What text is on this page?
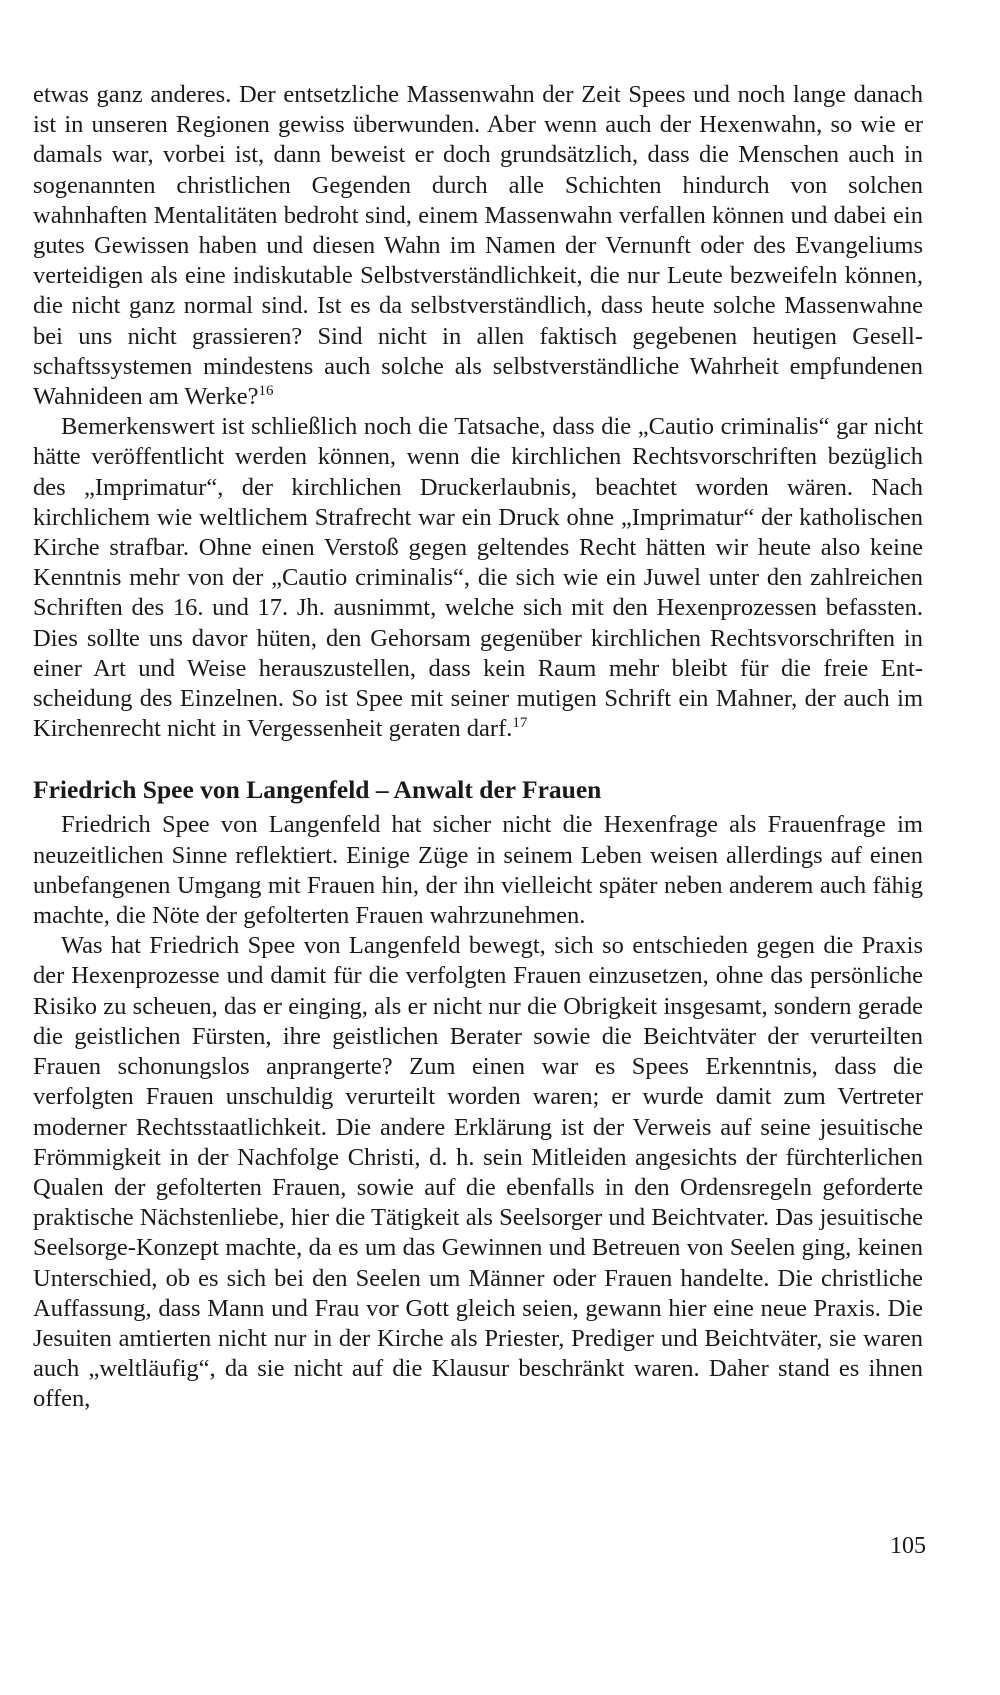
etwas ganz anderes. Der entsetzliche Massenwahn der Zeit Spees und noch lange danach ist in unseren Regionen gewiss überwunden. Aber wenn auch der Hexenwahn, so wie er damals war, vorbei ist, dann beweist er doch grundsätzlich, dass die Menschen auch in sogenannten christlichen Gegenden durch alle Schichten hindurch von solchen wahnhaften Mentalitäten bedroht sind, einem Massenwahn verfallen können und dabei ein gutes Gewissen haben und diesen Wahn im Namen der Vernunft oder des Evangeliums verteidigen als eine indiskutable Selbstverständlichkeit, die nur Leute bezweifeln können, die nicht ganz normal sind. Ist es da selbstverständlich, dass heute solche Massenwahne bei uns nicht grassieren? Sind nicht in allen faktisch gegebenen heutigen Gesellschaftssystemen mindestens auch solche als selbstverständliche Wahrheit empfundenen Wahnideen am Werke?$^{16}$

Bemerkenswert ist schließlich noch die Tatsache, dass die „Cautio criminalis“ gar nicht hätte veröffentlicht werden können, wenn die kirchlichen Rechtsvorschriften bezüglich des „Imprimatur“, der kirchlichen Druckerlaubnis, beachtet worden wären. Nach kirchlichem wie weltlichem Strafrecht war ein Druck ohne „Imprimatur“ der katholischen Kirche strafbar. Ohne einen Verstoß gegen geltendes Recht hätten wir heute also keine Kenntnis mehr von der „Cautio criminalis“, die sich wie ein Juwel unter den zahlreichen Schriften des 16. und 17. Jh. ausnimmt, welche sich mit den Hexenprozessen befassten. Dies sollte uns davor hüten, den Gehorsam gegenüber kirchlichen Rechtsvorschriften in einer Art und Weise herauszustellen, dass kein Raum mehr bleibt für die freie Entscheidung des Einzelnen. So ist Spee mit seiner mutigen Schrift ein Mahner, der auch im Kirchenrecht nicht in Vergessenheit geraten darf.$^{17}$

Friedrich Spee von Langenfeld – Anwalt der Frauen

Friedrich Spee von Langenfeld hat sicher nicht die Hexenfrage als Frauenfrage im neuzeitlichen Sinne reflektiert. Einige Züge in seinem Leben weisen allerdings auf einen unbefangenen Umgang mit Frauen hin, der ihn vielleicht später neben anderem auch fähig machte, die Nöte der gefolterten Frauen wahrzunehmen.

Was hat Friedrich Spee von Langenfeld bewegt, sich so entschieden gegen die Praxis der Hexenprozesse und damit für die verfolgten Frauen einzusetzen, ohne das persönliche Risiko zu scheuen, das er einging, als er nicht nur die Obrigkeit insgesamt, sondern gerade die geistlichen Fürsten, ihre geistlichen Berater sowie die Beichtväter der verurteilten Frauen schonungslos anprangerte? Zum einen war es Spees Erkenntnis, dass die verfolgten Frauen unschuldig verurteilt worden waren; er wurde damit zum Vertreter moderner Rechtsstaatlichkeit. Die andere Erklärung ist der Verweis auf seine jesuitische Frömmigkeit in der Nachfolge Christi, d. h. sein Mitleiden angesichts der fürchterlichen Qualen der gefolterten Frauen, sowie auf die ebenfalls in den Ordensregeln geforderte praktische Nächstenliebe, hier die Tätigkeit als Seelsorger und Beichtvater. Das jesuitische Seelsorge-Konzept machte, da es um das Gewinnen und Betreuen von Seelen ging, keinen Unterschied, ob es sich bei den Seelen um Männer oder Frauen handelte. Die christliche Auffassung, dass Mann und Frau vor Gott gleich seien, gewann hier eine neue Praxis. Die Jesuiten amtierten nicht nur in der Kirche als Priester, Prediger und Beichtväter, sie waren auch „weltläufig“, da sie nicht auf die Klausur beschränkt waren. Daher stand es ihnen offen,

105
